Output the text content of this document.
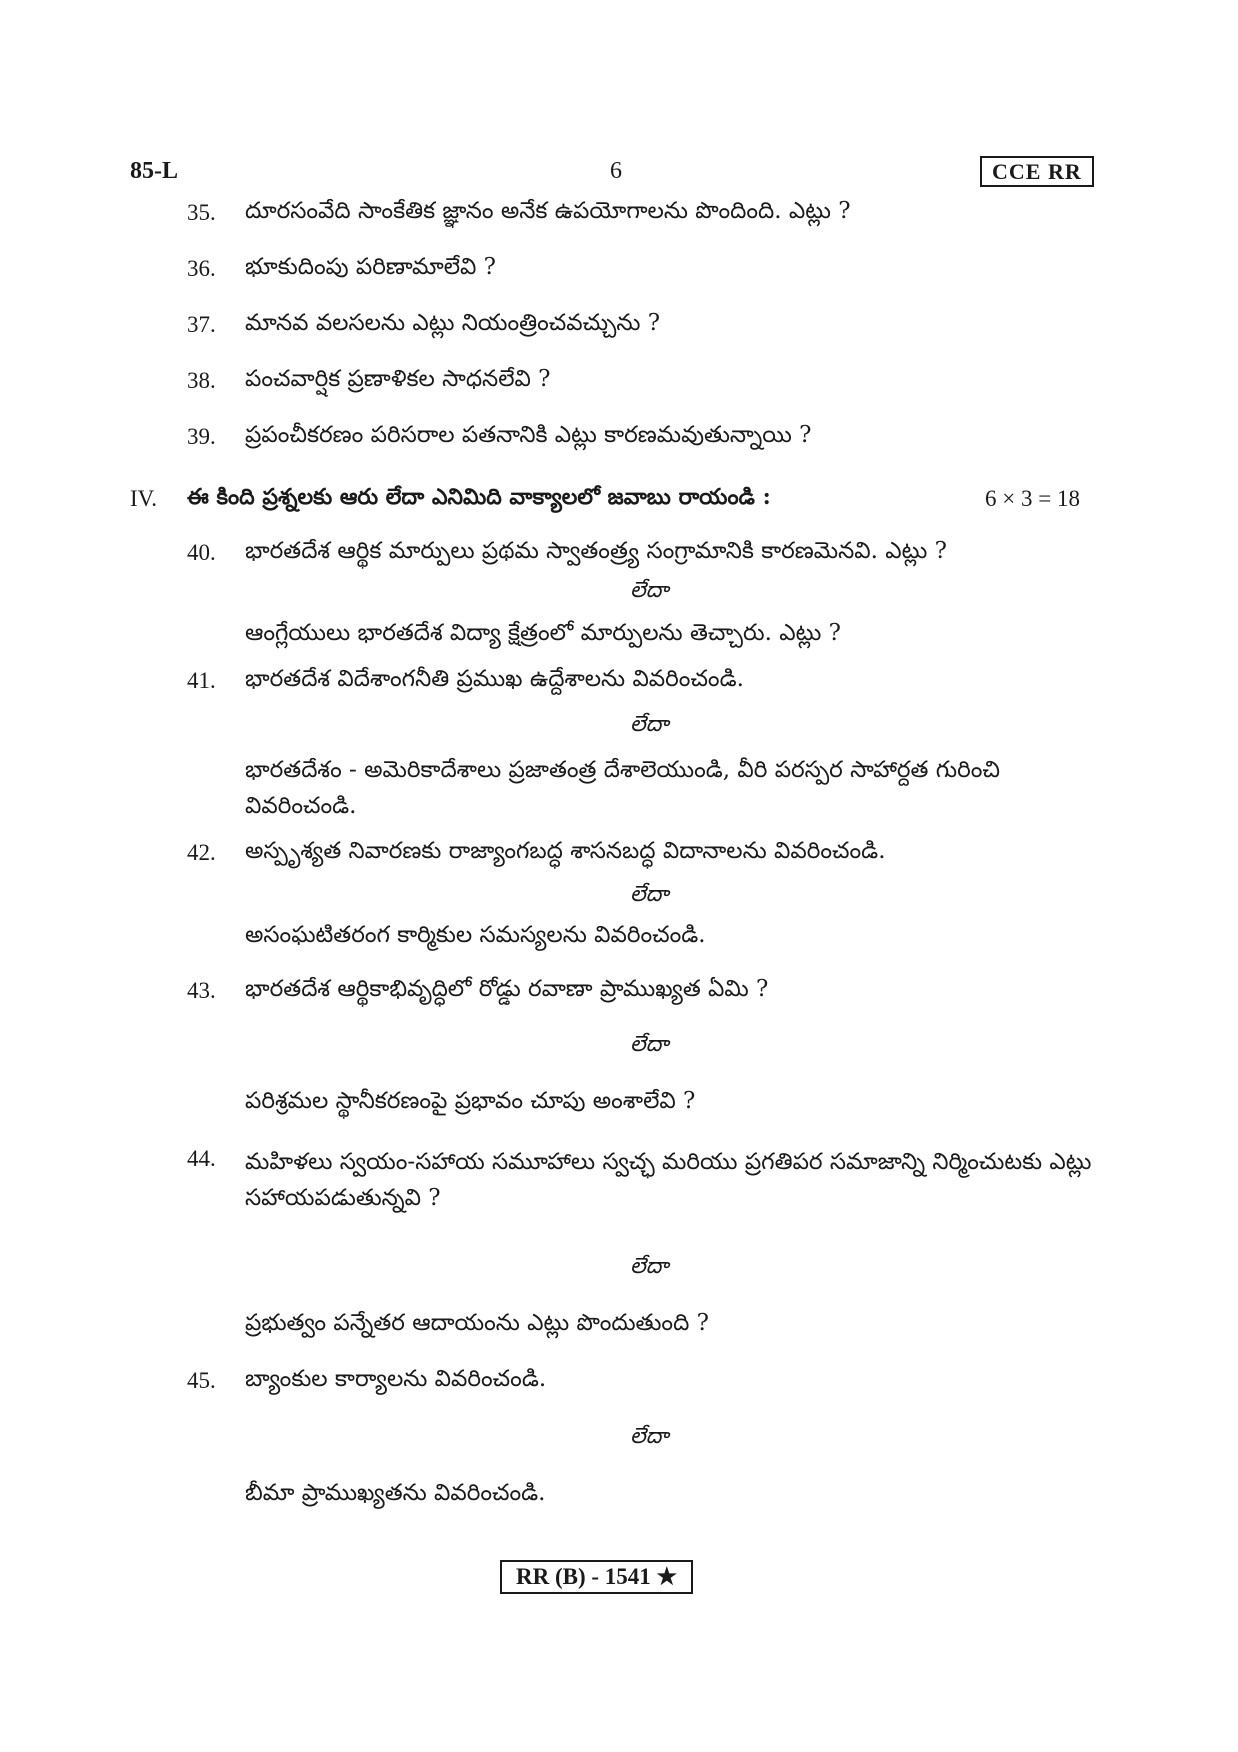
85-L	6	CCE RR
35. దూరసంవేది సాంకేతిక జ్ఞానం అనేక ఉపయోగాలను పొందింది. ఎట్లు ?
36. భూకుదింపు పరిణామాలేవి ?
37. మానవ వలసలను ఎట్లు నియంత్రించవచ్చును ?
38. పంచవార్షిక ప్రణాళికల సాధనలేవి ?
39. ప్రపంచీకరణం పరిసరాల పతనానికి ఎట్లు కారణమవుతున్నాయి ?
IV. ఈ కింది ప్రశ్నలకు ఆరు లేదా ఎనిమిది వాక్యాలలో జవాబు రాయండి :	6 × 3 = 18
40. భారతదేశ ఆర్థిక మార్పులు ప్రథమ స్వాతంత్ర్య సంగ్రామానికి కారణమెనవి. ఎట్లు ?
లేదా
ఆంగ్లేయులు భారతదేశ విద్యా క్షేత్రంలో మార్పులను తెచ్చారు. ఎట్లు ?
41. భారతదేశ విదేశాంగనీతి ప్రముఖ ఉద్దేశాలను వివరించండి.
లేదా
భారతదేశం - అమెరికాదేశాలు ప్రజాతంత్ర దేశాలెయుండి, వీరి పరస్పర సాహార్దత గురించి వివరించండి.
42. అస్పృశ్యత నివారణకు రాజ్యాంగబద్ధ శాసనబద్ధ విదానాలను వివరించండి.
లేదా
అసంఘటితరంగ కార్మికుల సమస్యలను వివరించండి.
43. భారతదేశ ఆర్థికాభివృద్ధిలో రోడ్డు రవాణా ప్రాముఖ్యత ఏమి ?
లేదా
పరిశ్రమల స్థానీకరణంపై ప్రభావం చూపు అంశాలేవి ?
44. మహిళలు స్వయం-సహాయ సమూహాలు స్వచ్ఛ మరియు ప్రగతిపర సమాజాన్ని నిర్మించుటకు ఎట్లు సహాయపడుతున్నవి ?
లేదా
ప్రభుత్వం పన్నేతర ఆదాయంను ఎట్లు పొందుతుంది ?
45. బ్యాంకుల కార్యాలను వివరించండి.
లేదా
బీమా ప్రాముఖ్యతను వివరించండి.
RR (B) - 1541 ★
